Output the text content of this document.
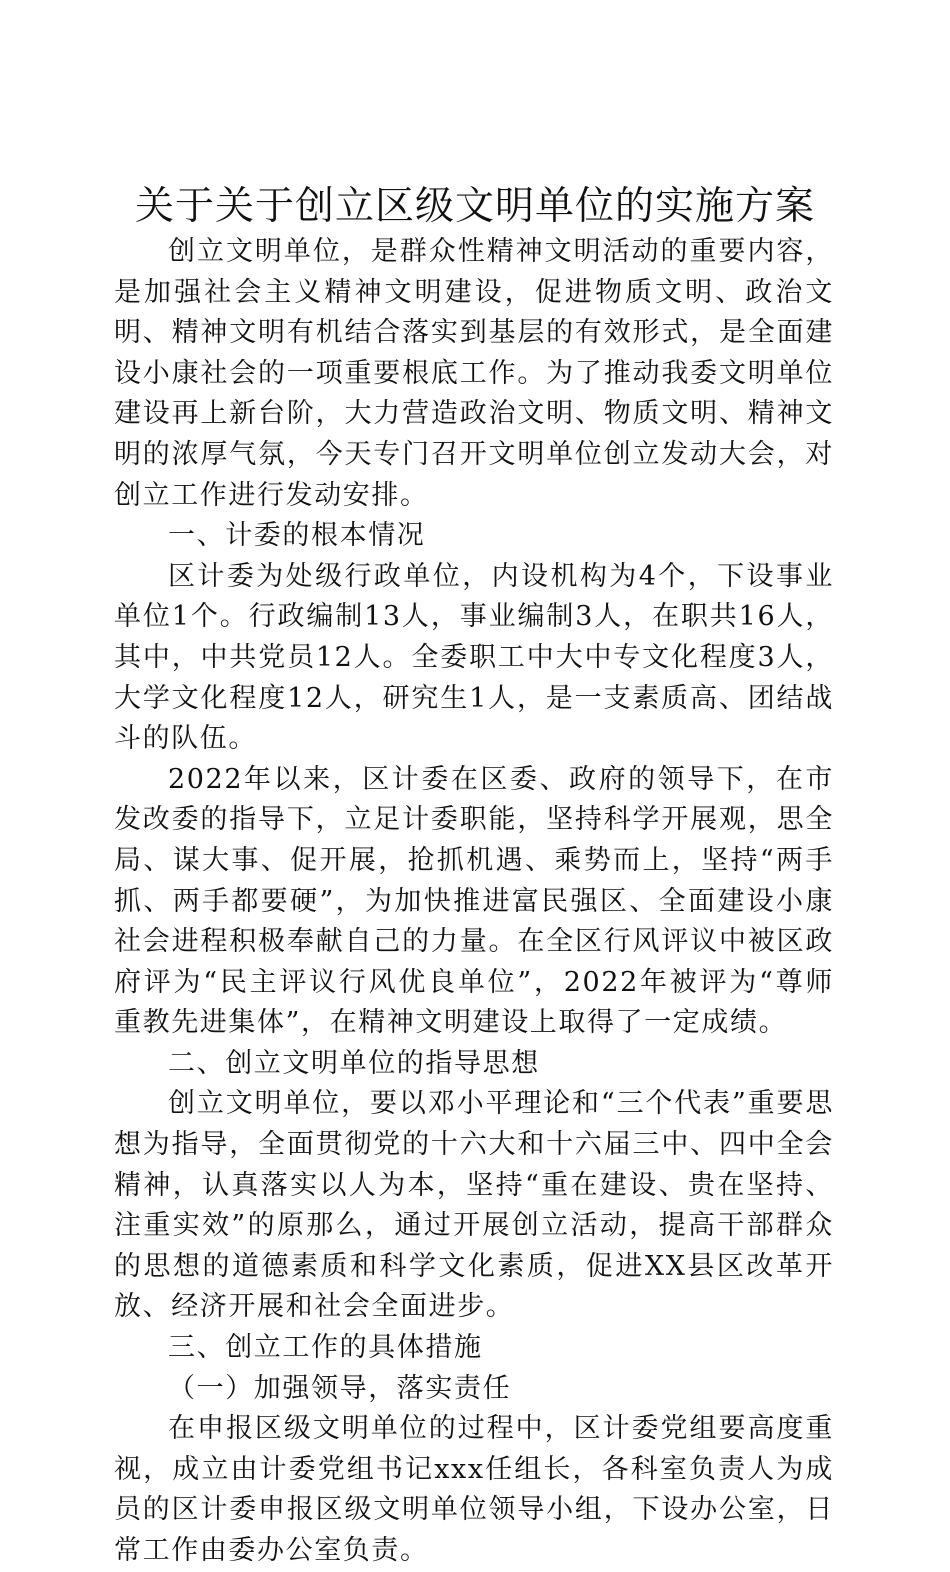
关于关于创立区级文明单位的实施方案

创立文明单位，是群众性精神文明活动的重要内容，是加强社会主义精神文明建设，促进物质文明、政治文明、精神文明有机结合落实到基层的有效形式，是全面建设小康社会的一项重要根底工作。为了推动我委文明单位建设再上新台阶，大力营造政治文明、物质文明、精神文明的浓厚气氛，今天专门召开文明单位创立发动大会，对创立工作进行发动安排。

一、计委的根本情况

区计委为处级行政单位，内设机构为4个，下设事业单位1个。行政编制13人，事业编制3人，在职共16人，其中，中共党员12人。全委职工中大中专文化程度3人，大学文化程度12人，研究生1人，是一支素质高、团结战斗的队伍。

2022年以来，区计委在区委、政府的领导下，在市发改委的指导下，立足计委职能，坚持科学开展观，思全局、谋大事、促开展，抢抓机遇、乘势而上，坚持“两手抓、两手都要硬”，为加快推进富民强区、全面建设小康社会进程积极奉献自己的力量。在全区行风评议中被区政府评为“民主评议行风优良单位”，2022年被评为“尊师重教先进集体”，在精神文明建设上取得了一定成绩。

二、创立文明单位的指导思想

创立文明单位，要以邓小平理论和“三个代表”重要思想为指导，全面贯彻党的十六大和十六届三中、四中全会精神，认真落实以人为本，坚持“重在建设、贵在坚持、注重实效”的原那么，通过开展创立活动，提高干部群众的思想的道德素质和科学文化素质，促进XX县区改革开放、经济开展和社会全面进步。

三、创立工作的具体措施

（一）加强领导，落实责任

在申报区级文明单位的过程中，区计委党组要高度重视，成立由计委党组书记xxx任组长，各科室负责人为成员的区计委申报区级文明单位领导小组，下设办公室，日常工作由委办公室负责。
